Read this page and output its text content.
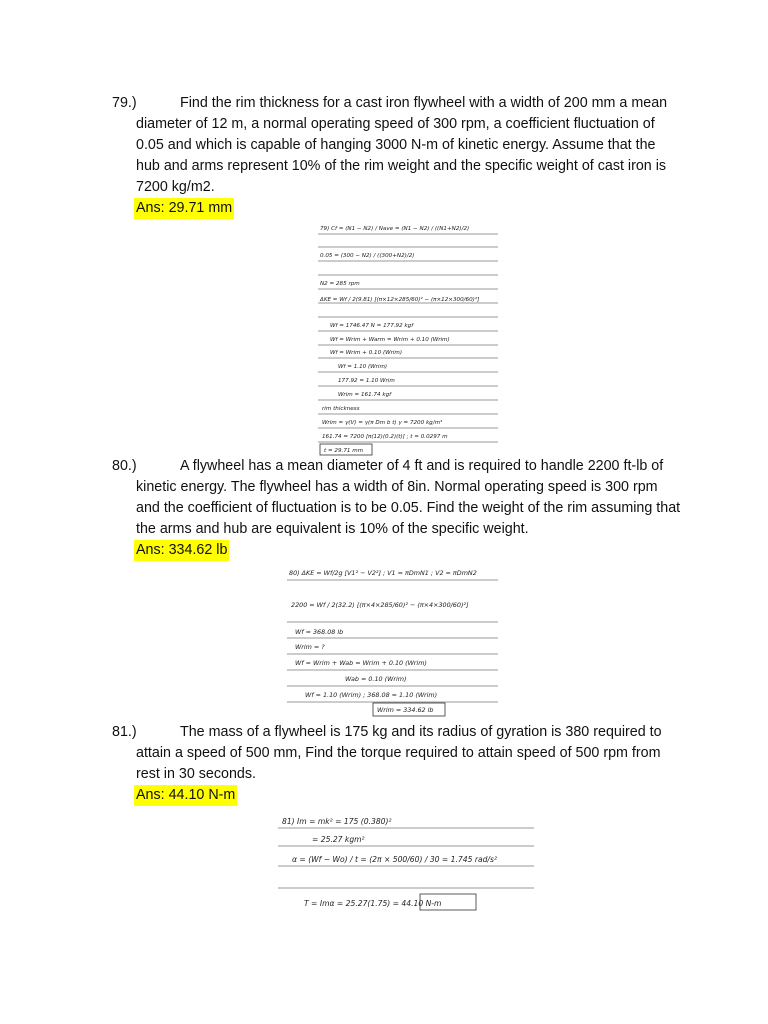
79.)	Find the rim thickness for a cast iron flywheel with a width of 200 mm a mean diameter of 12 m, a normal operating speed of 300 rpm, a coefficient fluctuation of 0.05 and which is capable of hanging 3000 N-m of kinetic energy. Assume that the hub and arms represent 10% of the rim weight and the specific weight of cast iron is 7200 kg/m2.

Ans: 29.71 mm
79) Cf = (N1 − N2) / Nave = (N1 − N2) / ((N1+N2)/2)
0.05 = (300 − N2) / ((300+N2)/2)
N2 = 285 rpm
ΔKE = Wf / 2(9.81) [(π×12×285/60)² − (π×12×300/60)²]
Wf = 1746.47 N = 177.92 kgf
Wf = Wrim + Warm = Wrim + 0.10 (Wrim)
Wf = Wrim + 0.10 (Wrim)
Wf = 1.10 (Wrim)
177.92 = 1.10 Wrim
Wrim = 161.74 kgf
rim thickness
Wrim = γ(V) = γ(π Dm b t) γ = 7200 kg/m³
161.74 = 7200 [π(12)(0.2)(t)] ; t = 0.0297 m
t = 29.71 mm
80.)	A flywheel has a mean diameter of 4 ft and is required to handle 2200 ft-lb of kinetic energy. The flywheel has a width of 8in. Normal operating speed is 300 rpm and the coefficient of fluctuation is to be 0.05. Find the weight of the rim assuming that the arms and hub are equivalent is 10% of the specific weight.

Ans: 334.62 lb
80) ΔKE = Wf/2g [V1² − V2²] ; V1 = πDmN1 ; V2 = πDmN2
2200 = Wf / 2(32.2) [(π×4×285/60)² − (π×4×300/60)²]
Wf = 368.08 lb
Wrim = ?
Wf = Wrim + Wab = Wrim + 0.10 (Wrim)
Wab = 0.10 (Wrim)
Wf = 1.10 (Wrim) ; 368.08 = 1.10 (Wrim)
Wrim = 334.62 lb
81.)	The mass of a flywheel is 175 kg and its radius of gyration is 380 required to attain a speed of 500 mm, Find the torque required to attain speed of 500 rpm from rest in 30 seconds.

Ans: 44.10 N-m
81) Im = mk² = 175 (0.380)²
= 25.27 kgm²
α = (Wf − Wo) / t = (2π × 500/60) / 30 = 1.745 rad/s²
T = Imα = 25.27(1.75) = 44.10 N-m
